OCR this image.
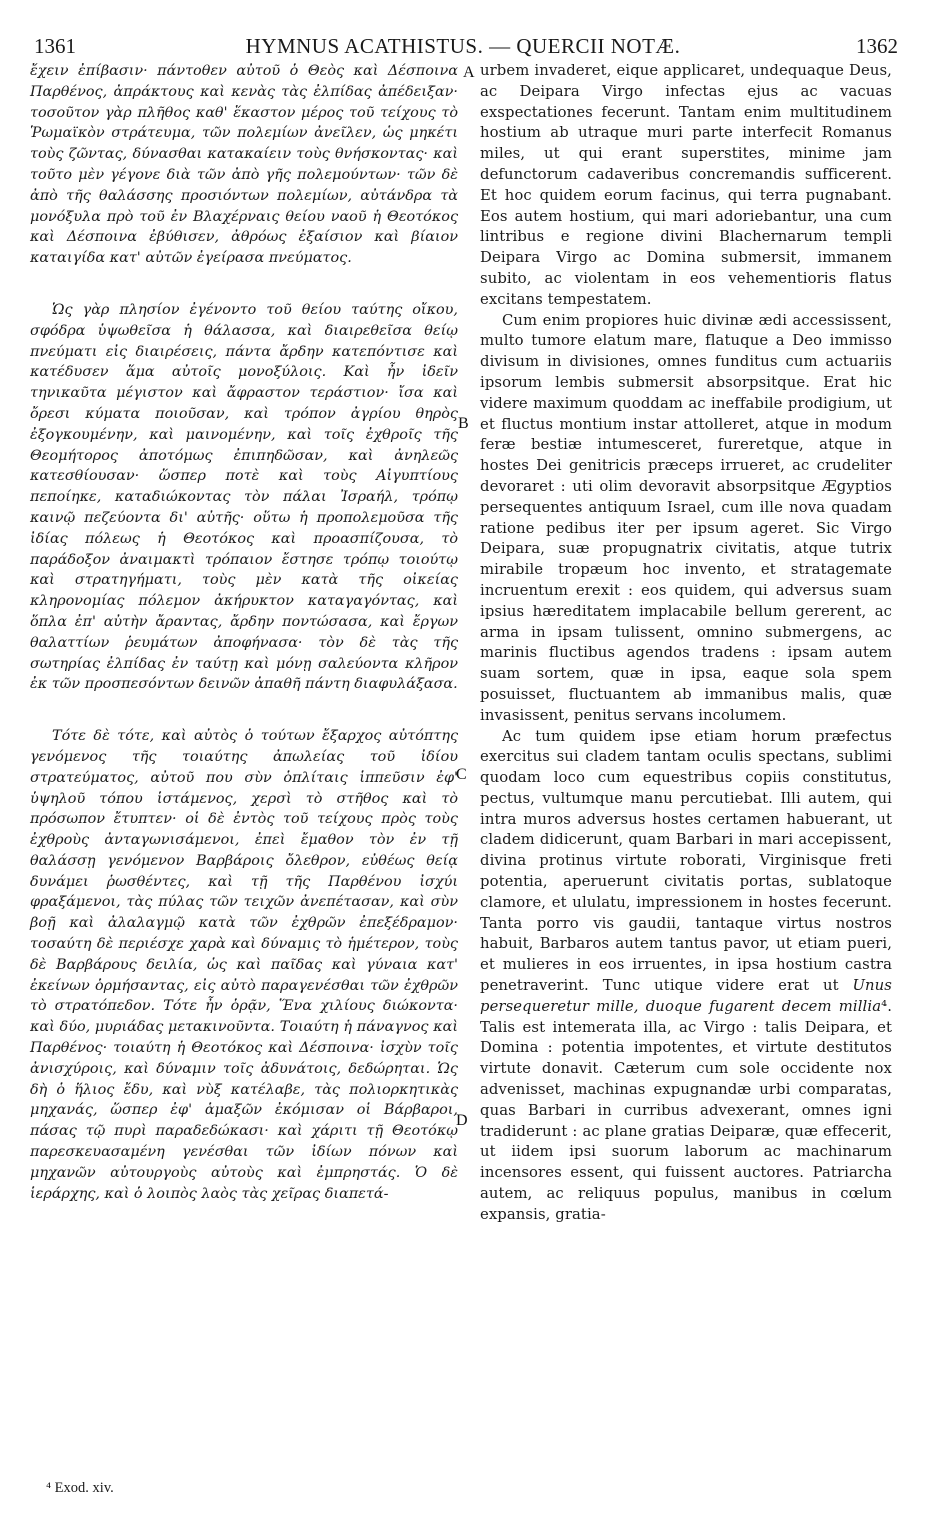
1361	HYMNUS ACATHISTUS. — QUERCII NOTÆ.	1362

ἔχειν ἐπίβασιν· πάντοθεν αὐτοῦ ὁ Θεὸς καὶ Δέσποινα Παρθένος, ἀπράκτους καὶ κενὰς τὰς ἐλπίδας ἀπέδειξαν· τοσοῦτον γὰρ πλῆθος καθ' ἕκαστον μέρος τοῦ τείχους τὸ Ῥωμαϊκὸν στράτευμα, τῶν πολεμίων ἀνεῖλεν, ὡς μηκέτι τοὺς ζῶντας, δύνασθαι κατακαίειν τοὺς θνήσκοντας· καὶ τοῦτο μὲν γέγονε διὰ τῶν ἀπὸ γῆς πολεμούντων· τῶν δὲ ἀπὸ τῆς θαλάσσης προσιόντων πολεμίων, αὐτάνδρα τὰ μονόξυλα πρὸ τοῦ ἐν Βλαχέρναις θείου ναοῦ ἡ Θεοτόκος καὶ Δέσποινα ἐβύθισεν, ἀθρόως ἐξαίσιον καὶ βίαιον καταιγίδα κατ' αὐτῶν ἐγείρασα πνεύματος.

Ὡς γὰρ πλησίον ἐγένοντο τοῦ θείου ταύτης οἴκου, σφόδρα ὑψωθεῖσα ἡ θάλασσα, καὶ διαιρεθεῖσα θείῳ πνεύματι εἰς διαιρέσεις, πάντα ἄρδην κατεπόντισε καὶ κατέδυσεν ἅμα αὐτοῖς μονοξύλοις. Καὶ ἦν ἰδεῖν τηνικαῦτα μέγιστον καὶ ἄφραστον τεράστιον· ἴσα καὶ ὄρεσι κύματα ποιοῦσαν, καὶ τρόπον ἀγρίου θηρὸς ἐξογκουμένην, καὶ μαινομένην, καὶ τοῖς ἐχθροῖς τῆς Θεομήτορος ἀποτόμως ἐπιπηδῶσαν, καὶ ἀνηλεῶς κατεσθίουσαν· ὥσπερ ποτὲ καὶ τοὺς Αἰγυπτίους πεποίηκε, καταδιώκοντας τὸν πάλαι Ἰσραήλ, τρόπῳ καινῷ πεζεύοντα δι' αὐτῆς· οὕτω ἡ προπολεμοῦσα τῆς ἰδίας πόλεως ἡ Θεοτόκος καὶ προασπίζουσα, τὸ παράδοξον ἀναιμακτὶ τρόπαιον ἔστησε τρόπῳ τοιούτῳ καὶ στρατηγήματι, τοὺς μὲν κατὰ τῆς οἰκείας κληρονομίας πόλεμον ἀκήρυκτον καταγαγόντας, καὶ ὅπλα ἐπ' αὐτὴν ἄραντας, ἄρδην ποντώσασα, καὶ ἔργων θαλαττίων ῥευμάτων ἀποφήνασα· τὸν δὲ τὰς τῆς σωτηρίας ἐλπίδας ἐν ταύτῃ καὶ μόνῃ σαλεύοντα κλῆρον ἐκ τῶν προσπεσόντων δεινῶν ἀπαθῆ πάντη διαφυλάξασα.

Τότε δὲ τότε, καὶ αὐτὸς ὁ τούτων ἔξαρχος αὐτόπτης γενόμενος τῆς τοιαύτης ἀπωλείας τοῦ ἰδίου στρατεύματος, αὐτοῦ που σὺν ὁπλίταις ἱππεῦσιν ἐφ' ὑψηλοῦ τόπου ἱστάμενος, χερσὶ τὸ στῆθος καὶ τὸ πρόσωπον ἔτυπτεν· οἱ δὲ ἐντὸς τοῦ τείχους πρὸς τοὺς ἐχθροὺς ἀνταγωνισάμενοι, ἐπεὶ ἔμαθον τὸν ἐν τῇ θαλάσσῃ γενόμενον Βαρβάροις ὄλεθρον, εὐθέως θείᾳ δυνάμει ῥωσθέντες, καὶ τῇ τῆς Παρθένου ἰσχύι φραξάμενοι, τὰς πύλας τῶν τειχῶν ἀνεπέτασαν, καὶ σὺν βοῇ καὶ ἀλαλαγμῷ κατὰ τῶν ἐχθρῶν ἐπεξέδραμον· τοσαύτη δὲ περιέσχε χαρὰ καὶ δύναμις τὸ ἡμέτερον, τοὺς δὲ Βαρβάρους δειλία, ὡς καὶ παῖδας καὶ γύναια κατ' ἐκείνων ὁρμήσαντας, εἰς αὐτὸ παραγενέσθαι τῶν ἐχθρῶν τὸ στρατόπεδον. Τότε ἦν ὁρᾷν, Ἕνα χιλίους διώκοντα· καὶ δύο, μυριάδας μετακινοῦντα. Τοιαύτη ἡ πάναγνος καὶ Παρθένος· τοιαύτη ἡ Θεοτόκος καὶ Δέσποινα· ἰσχὺν τοῖς ἀνισχύροις, καὶ δύναμιν τοῖς ἀδυνάτοις, δεδώρηται. Ὡς δὴ ὁ ἥλιος ἔδυ, καὶ νὺξ κατέλαβε, τὰς πολιορκητικὰς μηχανάς, ὥσπερ ἐφ' ἁμαξῶν ἐκόμισαν οἱ Βάρβαροι, πάσας τῷ πυρὶ παραδεδώκασι· καὶ χάριτι τῇ Θεοτόκῳ παρεσκευασαμένη γενέσθαι τῶν ἰδίων πόνων καὶ μηχανῶν αὐτουργοὺς αὐτοὺς καὶ ἐμπρηστάς. Ὁ δὲ ἱεράρχης, καὶ ὁ λοιπὸς λαὸς τὰς χεῖρας διαπετά-

A
B
C
D

urbem invaderet, eique applicaret, undequaque Deus, ac Deipara Virgo infectas ejus ac vacuas exspectationes fecerunt. Tantam enim multitudinem hostium ab utraque muri parte interfecit Romanus miles, ut qui erant superstites, minime jam defunctorum cadaveribus concremandis sufficerent. Et hoc quidem eorum facinus, qui terra pugnabant. Eos autem hostium, qui mari adoriebantur, una cum lintribus e regione divini Blachernarum templi Deipara Virgo ac Domina submersit, immanem subito, ac violentam in eos vehementioris flatus excitans tempestatem.

Cum enim propiores huic divinæ ædi accessissent, multo tumore elatum mare, flatuque a Deo immisso divisum in divisiones, omnes funditus cum actuariis ipsorum lembis submersit absorpsitque. Erat hic videre maximum quoddam ac ineffabile prodigium, ut et fluctus montium instar attolleret, atque in modum feræ bestiæ intumesceret, fureretque, atque in hostes Dei genitricis præceps irrueret, ac crudeliter devoraret : uti olim devoravit absorpsitque Ægyptios persequentes antiquum Israel, cum ille nova quadam ratione pedibus iter per ipsum ageret. Sic Virgo Deipara, suæ propugnatrix civitatis, atque tutrix mirabile tropæum hoc invento, et stratagemate incruentum erexit : eos quidem, qui adversus suam ipsius hæreditatem implacabile bellum gererent, ac arma in ipsam tulissent, omnino submergens, ac marinis fluctibus agendos tradens : ipsam autem suam sortem, quæ in ipsa, eaque sola spem posuisset, fluctuantem ab immanibus malis, quæ invasissent, penitus servans incolumem.

Ac tum quidem ipse etiam horum præfectus exercitus sui cladem tantam oculis spectans, sublimi quodam loco cum equestribus copiis constitutus, pectus, vultumque manu percutiebat. Illi autem, qui intra muros adversus hostes certamen habuerant, ut cladem didicerunt, quam Barbari in mari accepissent, divina protinus virtute roborati, Virginisque freti potentia, aperuerunt civitatis portas, sublatoque clamore, et ululatu, impressionem in hostes fecerunt. Tanta porro vis gaudii, tantaque virtus nostros habuit, Barbaros autem tantus pavor, ut etiam pueri, et mulieres in eos irruentes, in ipsa hostium castra penetraverint. Tunc utique videre erat ut Unus persequeretur mille, duoque fugarent decem millia⁴. Talis est intemerata illa, ac Virgo : talis Deipara, et Domina : potentia impotentes, et virtute destitutos virtute donavit. Cæterum cum sole occidente nox advenisset, machinas expugnandæ urbi comparatas, quas Barbari in curribus advexerant, omnes igni tradiderunt : ac plane gratias Deiparæ, quæ effecerit, ut iidem ipsi suorum laborum ac machinarum incensores essent, qui fuissent auctores. Patriarcha autem, ac reliquus populus, manibus in cœlum expansis, gratia-

⁴ Exod. xiv.
